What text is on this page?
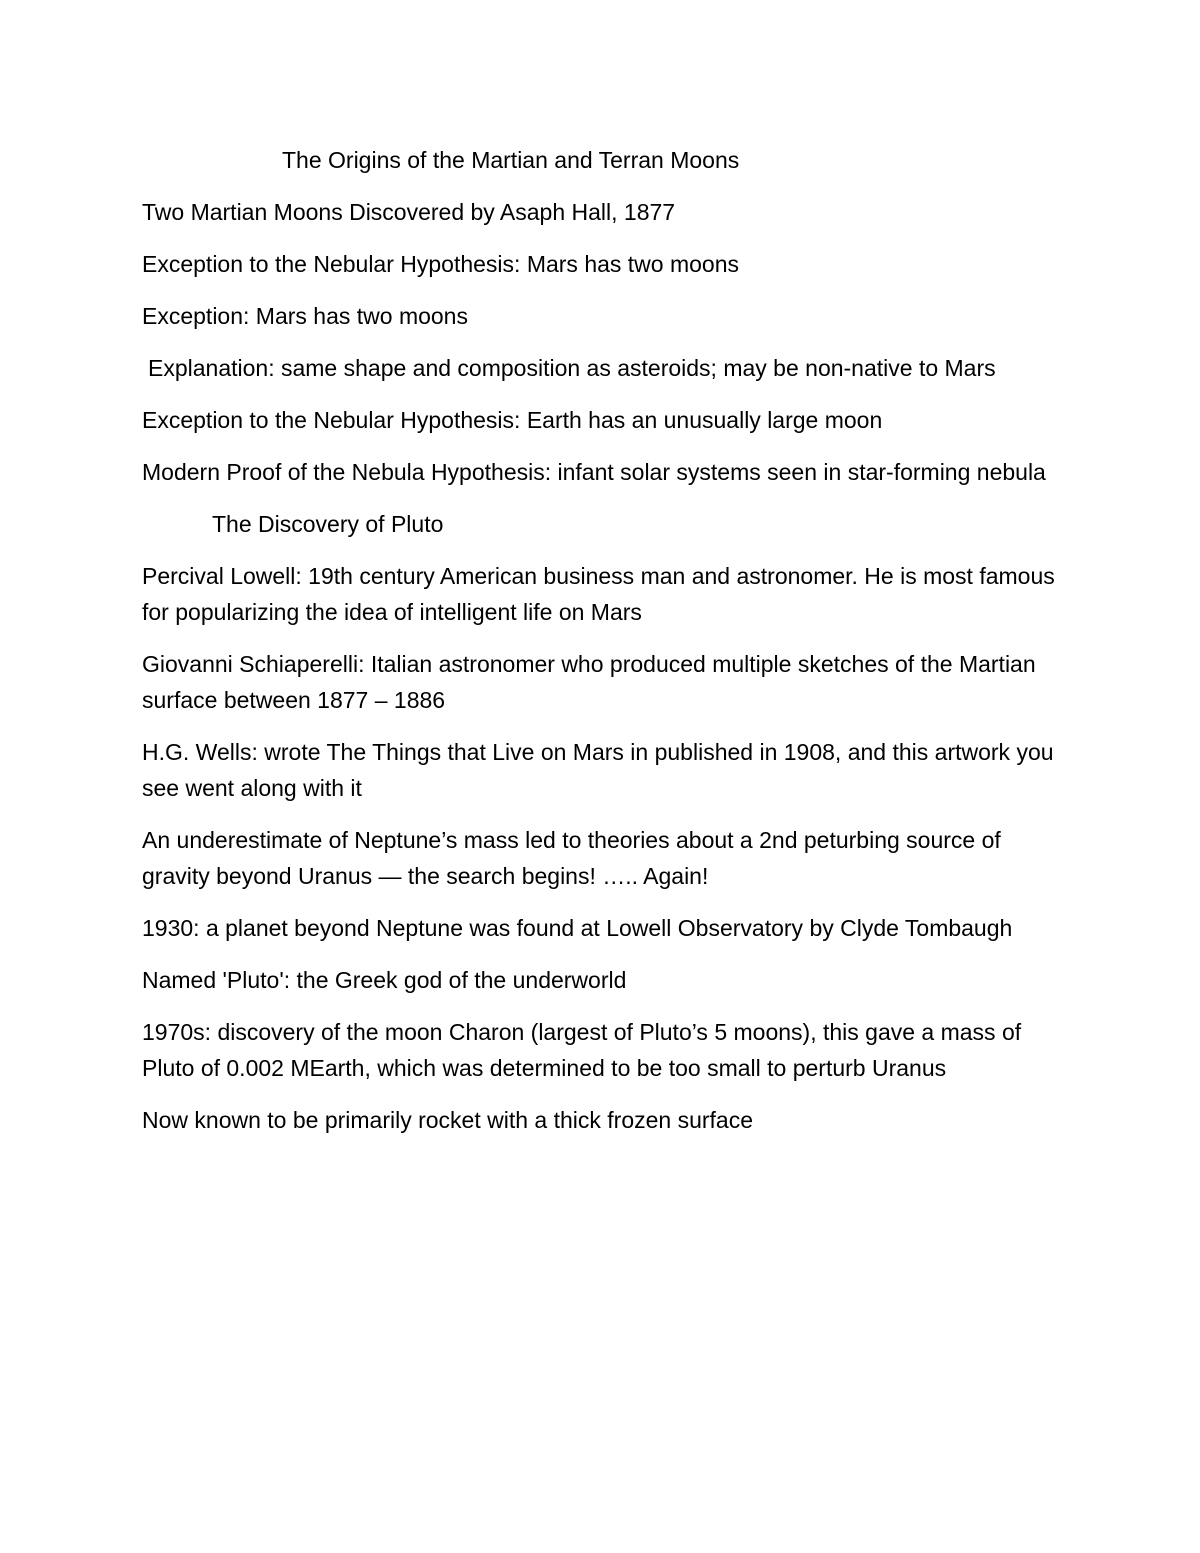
The Origins of the Martian and Terran Moons
Two Martian Moons Discovered by Asaph Hall, 1877
Exception to the Nebular Hypothesis: Mars has two moons
Exception: Mars has two moons
Explanation: same shape and composition as asteroids; may be non-native to Mars
Exception to the Nebular Hypothesis: Earth has an unusually large moon
Modern Proof of the Nebula Hypothesis: infant solar systems seen in star-forming nebula
The Discovery of Pluto
Percival Lowell: 19th century American business man and astronomer. He is most famous for popularizing the idea of intelligent life on Mars
Giovanni Schiaperelli: Italian astronomer who produced multiple sketches of the Martian surface between 1877 – 1886
H.G. Wells: wrote The Things that Live on Mars in published in 1908, and this artwork you see went along with it
An underestimate of Neptune’s mass led to theories about a 2nd peturbing source of gravity beyond Uranus — the search begins! ….. Again!
1930: a planet beyond Neptune was found at Lowell Observatory by Clyde Tombaugh
Named 'Pluto': the Greek god of the underworld
1970s: discovery of the moon Charon (largest of Pluto’s 5 moons), this gave a mass of Pluto of 0.002 MEarth, which was determined to be too small to perturb Uranus
Now known to be primarily rocket with a thick frozen surface
